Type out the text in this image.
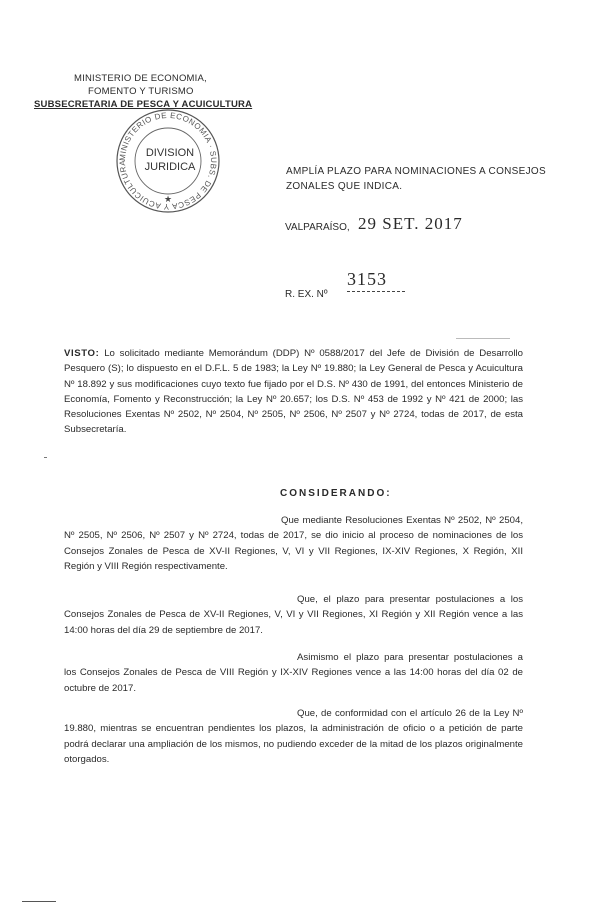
MINISTERIO DE ECONOMIA,
FOMENTO Y TURISMO
SUBSECRETARIA DE PESCA Y ACUICULTURA
MINISTERIO DE ECONOMIA · SUBS. DE PESCA Y ACUICULTURA
DIVISION
JURIDICA
★
AMPLÍA PLAZO PARA NOMINACIONES A CONSEJOS
ZONALES QUE INDICA.
VALPARAÍSO, 29 SET. 2017
R. EX. Nº
3153
VISTO: Lo solicitado mediante Memorándum (DDP) Nº 0588/2017 del Jefe de División de Desarrollo Pesquero (S); lo dispuesto en el D.F.L. 5 de 1983; la Ley Nº 19.880; la Ley General de Pesca y Acuicultura Nº 18.892 y sus modificaciones cuyo texto fue fijado por el D.S. Nº 430 de 1991, del entonces Ministerio de Economía, Fomento y Reconstrucción; la Ley Nº 20.657; los D.S. Nº 453 de 1992 y Nº 421 de 2000; las Resoluciones Exentas Nº 2502, Nº 2504, Nº 2505, Nº 2506, Nº 2507 y Nº 2724, todas de 2017, de esta Subsecretaría.
CONSIDERANDO:
Que mediante Resoluciones Exentas Nº 2502, Nº 2504, Nº 2505, Nº 2506, Nº 2507 y Nº 2724, todas de 2017, se dio inicio al proceso de nominaciones de los Consejos Zonales de Pesca de XV-II Regiones, V, VI y VII Regiones, IX-XIV Regiones, X Región, XII Región y VIII Región respectivamente.
Que, el plazo para presentar postulaciones a los Consejos Zonales de Pesca de XV-II Regiones, V, VI y VII Regiones, XI Región y XII Región vence a las 14:00 horas del día 29 de septiembre de 2017.
Asimismo el plazo para presentar postulaciones a los Consejos Zonales de Pesca de VIII Región y IX-XIV Regiones vence a las 14:00 horas del día 02 de octubre de 2017.
Que, de conformidad con el artículo 26 de la Ley Nº 19.880, mientras se encuentran pendientes los plazos, la administración de oficio o a petición de parte podrá declarar una ampliación de los mismos, no pudiendo exceder de la mitad de los plazos originalmente otorgados.
